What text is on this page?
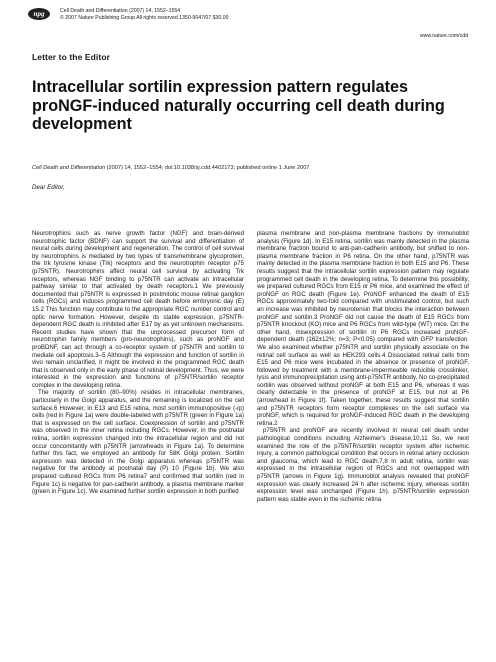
npg	Cell Death and Differentiation (2007) 14, 1552–1554
© 2007 Nature Publishing Group All rights reserved 1350-9047/07 $30.00
www.nature.com/cdd
Letter to the Editor
Intracellular sortilin expression pattern regulates proNGF-induced naturally occurring cell death during development
Cell Death and Differentiation (2007) 14, 1552–1554; doi:10.1038/sj.cdd.4402173; published online 1 June 2007
Dear Editor,

Neurotrophins such as nerve growth factor (NGF) and brain-derived neurotrophic factor (BDNF) can support the survival and differentiation of neural cells during development and regeneration. The control of cell survival by neurotrophins is mediated by two types of transmembrane glycoprotein, the trk tyrosine kinase (Trk) receptors and the neurotrophin receptor p75 (p75NTR). Neurotrophins affect neural cell survival by activating Trk receptors, whereas NGF binding to p75NTR can activate an intracellular pathway similar to that activated by death receptors.1 We previously documented that p75NTR is expressed in postmitotic mouse retinal ganglion cells (RGCs) and induces programmed cell death before embryonic day (E) 15.2 This function may contribute to the appropriate RGC number control and optic nerve formation. However, despite its stable expression, p75NTR-dependent RGC death is inhibited after E17 by as yet unknown mechanisms. Recent studies have shown that the unprocessed precursor form of neurotrophin family members (pro-neurotrophins), such as proNGF and proBDNF, can act through a co-receptor system of p75NTR and sortilin to mediate cell apoptosis.3–5 Although the expression and function of sortilin in vivo remain unclarified, it might be involved in the programmed RGC death that is observed only in the early phase of retinal development. Thus, we were interested in the expression and functions of p75NTR/sortilin receptor complex in the developing retina.

The majority of sortilin (80–90%) resides in intracellular membranes, particularly in the Golgi apparatus, and the remaining is localized on the cell surface.6 However, in E13 and E15 retina, most sortilin immunopositive (-ip) cells (red in Figure 1a) were double-labeled with p75NTR (green in Figure 1a) that is expressed on the cell surface. Coexpression of sortilin and p75NTR was observed in the inner retina including RGCs. However, in the postnatal retina, sortilin expression changed into the intracellular region and did not occur concomitantly with p75NTR (arrowheads in Figure 1a). To determine further this fact, we employed an antibody for 58K Golgi protein. Sortilin expression was detected in the Golgi apparatus whereas p75NTR was negative for the antibody at postnatal day (P) 10 (Figure 1b). We also prepared cultured RGCs from P6 retina7 and confirmed that sortilin (red in Figure 1c) is negative for pan-cadherin antibody, a plasma membrane marker (green in Figure 1c). We examined further sortilin expression in both purified

plasma membrane and non-plasma membrane fractions by immunoblot analysis (Figure 1d). In E15 retina, sortilin was mainly detected in the plasma membrane fraction bound to anti-pan-cadherin antibody, but shifted to non-plasma membrane fraction in P6 retina. On the other hand, p75NTR was mainly detected in the plasma membrane fraction in both E15 and P6. These results suggest that the intracellular sortilin expression pattern may regulate programmed cell death in the developing retina. To determine this possibility, we prepared cultured RGCs from E15 or P6 mice, and examined the effect of proNGF on RGC death (Figure 1e). ProNGF enhanced the death of E15 RGCs approximately two-fold compared with unstimulated control, but such an increase was inhibited by neurotensin that blocks the interaction between proNGF and sortilin.3 ProNGF did not cause the death of E15 RGCs from p75NTR knockout (KO) mice and P6 RGCs from wild-type (WT) mice. On the other hand, misexpression of sortilin in P6 RGCs increased proNGF-dependent death (162±12%; n=3; P<0.05) compared with GFP transfection. We also examined whether p75NTR and sortilin physically associate on the retinal cell surface as well as HEK293 cells.4 Dissociated retinal cells from E15 and P6 mice were incubated in the absence or presence of proNGF, followed by treatment with a membrane-impermeable reducible crosslinker, lysis and immunoprecipitation using anti-p75NTR antibody. No co-precipitated sortilin was observed without proNGF at both E15 and P6, whereas it was clearly detectable in the presence of proNGF at E15, but not at P6 (arrowhead in Figure 1f). Taken together, these results suggest that sortilin and p75NTR receptors form receptor complexes on the cell surface via proNGF, which is required for proNGF-induced RGC death in the developing retina.2

p75NTR and proNGF are recently involved in neural cell death under pathological conditions including Alzheimer's disease,10,11 So, we next examined the role of the p75NTR/sortilin receptor system after ischemic injury, a common pathological condition that occurs in retinal artery occlusion and glaucoma, which lead to RGC death.7,8 In adult retina, sortilin was expressed in the intracellular region of RGCs and not overlapped with p75NTR (arrows in Figure 1g). Immunoblot analysis revealed that proNGF expression was clearly increased 24 h after ischemic injury, whereas sortilin expression level was unchanged (Figure 1h). p75NTR/sortilin expression pattern was stable even in the ischemic retina
